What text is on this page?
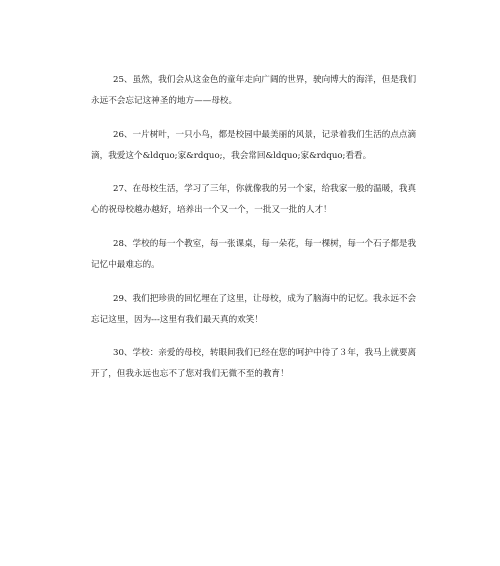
25、虽然，我们会从这金色的童年走向广阔的世界，驶向博大的海洋，但是我们
永远不会忘记这神圣的地方——母校。
26、一片树叶，一只小鸟，都是校园中最美丽的风景，记录着我们生活的点点滴
滴，我爱这个&ldquo;家&rdquo;，我会常回&ldquo;家&rdquo;看看。
27、在母校生活，学习了三年，你就像我的另一个家，给我家一般的温暖，我真
心的祝母校越办越好，培养出一个又一个，一批又一批的人才！
28、学校的每一个教室，每一张课桌，每一朵花，每一棵树，每一个石子都是我
记忆中最难忘的。
29、我们把珍贵的回忆埋在了这里，让母校，成为了脑海中的记忆。我永远不会
忘记这里，因为---这里有我们最天真的欢笑！
30、学校：亲爱的母校，转眼间我们已经在您的呵护中待了３年，我马上就要离
开了，但我永远也忘不了您对我们无微不至的教育！
